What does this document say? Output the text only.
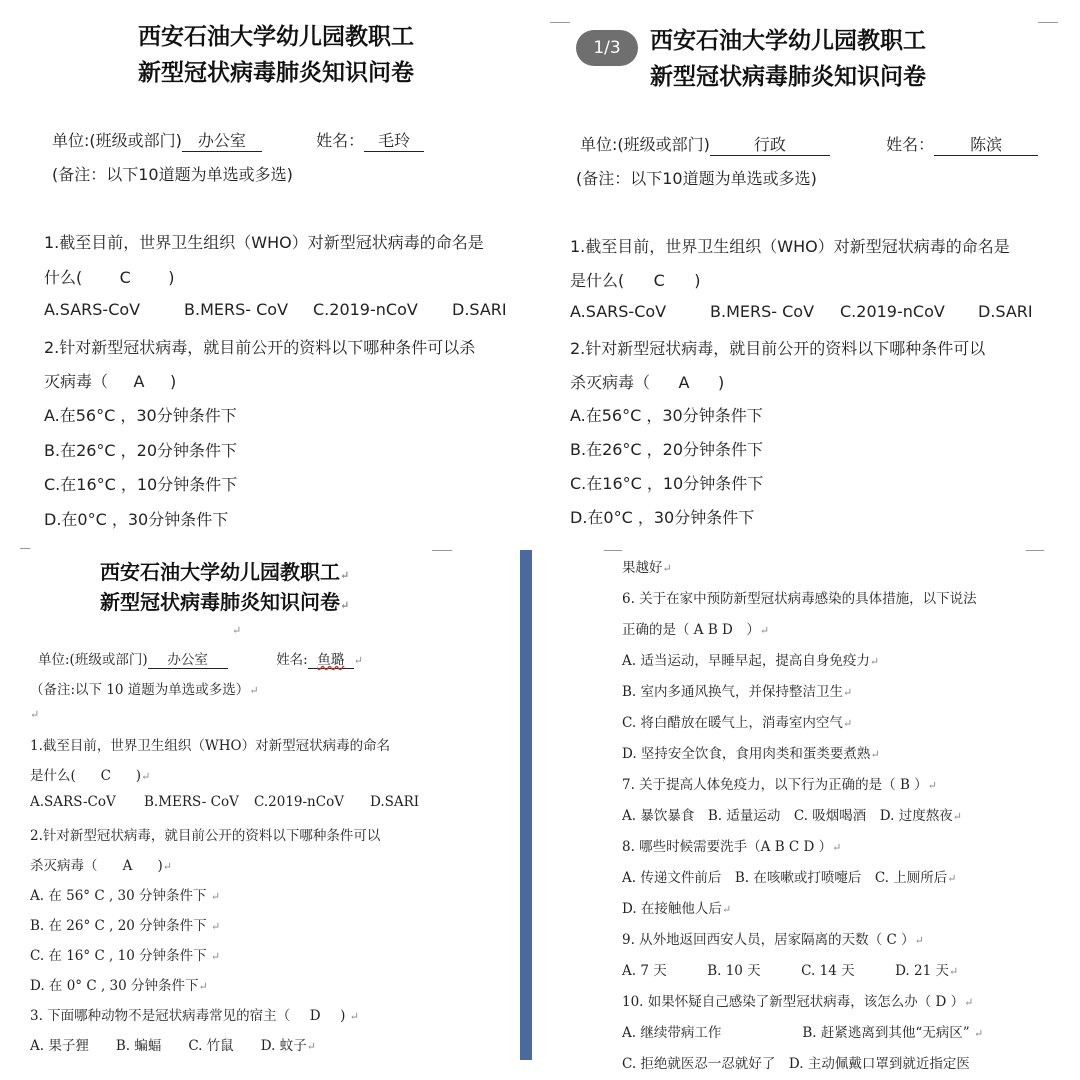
西安石油大学幼儿园教职工
新型冠状病毒肺炎知识问卷
单位:(班级或部门) 办公室	姓名： 毛玲
(备注：以下10道题为单选或多选)
1.截至目前，世界卫生组织（WHO）对新型冠状病毒的命名是
什么( C )
A.SARS-CoV	B.MERS- CoV C.2019-nCoV D.SARI
2.针对新型冠状病毒，就目前公开的资料以下哪种条件可以杀
灭病毒（ A )
A.在56°C ，30分钟条件下
B.在26°C ，20分钟条件下
C.在16°C ，10分钟条件下
D.在0°C ，30分钟条件下
西安石油大学幼儿园教职工
新型冠状病毒肺炎知识问卷
单位:(班级或部门)	行政	姓名： 陈滨
(备注：以下10道题为单选或多选)
1.截至目前，世界卫生组织（WHO）对新型冠状病毒的命名是
是什么( C )
A.SARS-CoV	B.MERS- CoV C.2019-nCoV D.SARI
2.针对新型冠状病毒，就目前公开的资料以下哪种条件可以
杀灭病毒（ A )
A.在56°C ，30分钟条件下
B.在26°C ，20分钟条件下
C.在16°C ，10分钟条件下
D.在0°C ，30分钟条件下
1/3
西安石油大学幼儿园教职工↵
新型冠状病毒肺炎知识问卷↵
↵
单位:(班级或部门) 办公室	姓名: 鱼璐 ↵
（备注:以下 10 道题为单选或多选）↵
↵
1.截至目前，世界卫生组织（WHO）对新型冠状病毒的命名
是什么( C )↵
A.SARS-CoV B.MERS- CoV C.2019-nCoV D.SARI
2.针对新型冠状病毒，就目前公开的资料以下哪种条件可以
杀灭病毒（ A )↵
A. 在 56° C , 30 分钟条件下 ↵
B. 在 26° C , 20 分钟条件下 ↵
C. 在 16° C , 10 分钟条件下 ↵
D. 在 0° C , 30 分钟条件下↵
3. 下面哪种动物不是冠状病毒常见的宿主（ D ) ↵
A. 果子狸　　B. 蝙蝠　　C. 竹鼠　　D. 蚊子↵
果越好↵
6. 关于在家中预防新型冠状病毒感染的具体措施，以下说法
正确的是（ A B D　）↵
A. 适当运动，早睡早起，提高自身免疫力↵
B. 室内多通风换气，并保持整洁卫生↵
C. 将白醋放在暖气上，消毒室内空气↵
D. 坚持安全饮食，食用肉类和蛋类要煮熟↵
7. 关于提高人体免疫力，以下行为正确的是（ B ）↵
A. 暴饮暴食　B. 适量运动　C. 吸烟喝酒　D. 过度熬夜↵
8. 哪些时候需要洗手（A B C D ）↵
A. 传递文件前后　B. 在咳嗽或打喷嚏后　C. 上厕所后↵
D. 在接触他人后↵
9. 从外地返回西安人员，居家隔离的天数（ C ）↵
A. 7 天　　　B. 10 天　　　C. 14 天　　　D. 21 天↵
10. 如果怀疑自己感染了新型冠状病毒，该怎么办（ D ）↵
A. 继续带病工作　　　　　　B. 赶紧逃离到其他“无病区” ↵
C. 拒绝就医忍一忍就好了　D. 主动佩戴口罩到就近指定医
